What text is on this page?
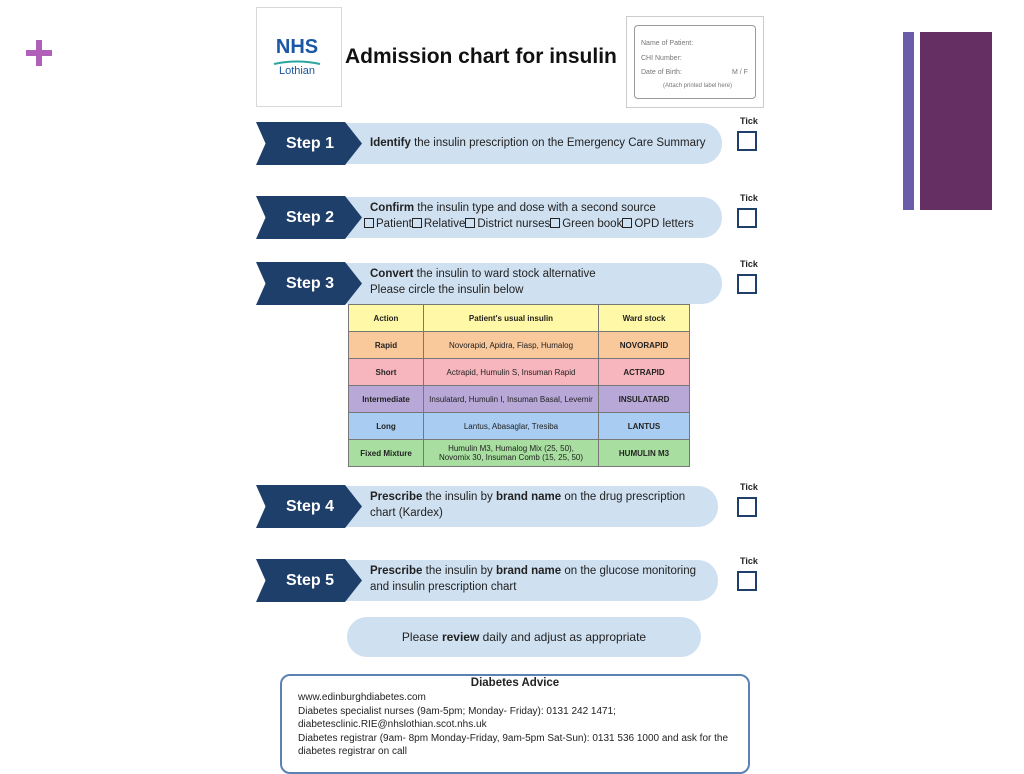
NHS
Lothian
Admission chart for insulin
Name of Patient:
CHI Number:
Date of Birth:	M / F
(Attach printed label here)
Step 1	Identify the insulin prescription on the Emergency Care Summary
Tick
Step 2
Confirm the insulin type and dose with a second source
Patient Relative District nurses Green book OPD letters
Tick
Step 3
Convert the insulin to ward stock alternative
Please circle the insulin below
Tick
Action	Patient's usual insulin	Ward stock
Rapid	Novorapid, Apidra, Fiasp, Humalog	NOVORAPID
Short	Actrapid, Humulin S, Insuman Rapid	ACTRAPID
Intermediate	Insulatard, Humulin I, Insuman Basal, Levemir	INSULATARD
Long	Lantus, Abasaglar, Tresiba	LANTUS
Fixed Mixture	Humulin M3, Humalog Mix (25, 50),
Novomix 30, Insuman Comb (15, 25, 50)	HUMULIN M3
Step 4
Prescribe the insulin by brand name on the drug prescription
chart (Kardex)
Tick
Step 5
Prescribe the insulin by brand name on the glucose monitoring
and insulin prescription chart
Tick
Please review daily and adjust as appropriate
Diabetes Advice
www.edinburghdiabetes.com
Diabetes specialist nurses (9am-5pm; Monday- Friday): 0131 242 1471;
diabetesclinic.RIE@nhslothian.scot.nhs.uk
Diabetes registrar (9am- 8pm Monday-Friday, 9am-5pm Sat-Sun): 0131 536 1000 and ask for the
diabetes registrar on call
